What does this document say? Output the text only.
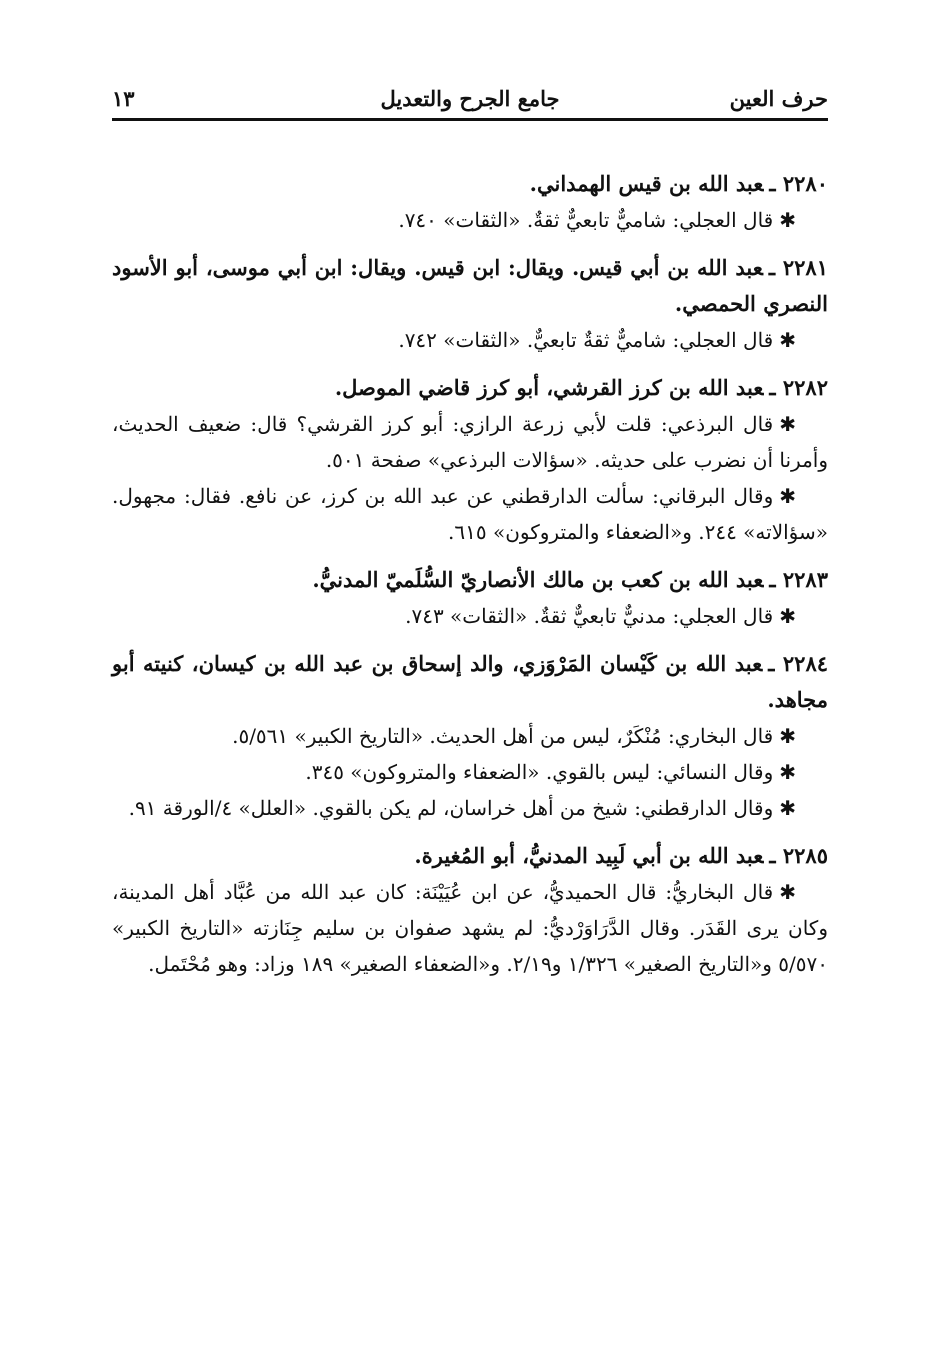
حرف العين
جامع الجرح والتعديل
١٣

٢٢٨٠ ـعبد الله بن قيس الهمداني.

✱قال العجلي: شاميٌّ تابعيٌّ ثقةٌ. «الثقات» ٧٤٠.

٢٢٨١ ـعبد الله بن أبي قيس. ويقال: ابن قيس. ويقال: ابن أبي موسى، أبو الأسود النصري الحمصي.

✱قال العجلي: شاميٌّ ثقةٌ تابعيٌّ. «الثقات» ٧٤٢.

٢٢٨٢ ـعبد الله بن كرز القرشي، أبو كرز قاضي الموصل.

✱قال البرذعي: قلت لأبي زرعة الرازي: أبو كرز القرشي؟ قال: ضعيف الحديث، وأمرنا أن نضرب على حديثه. «سؤالات البرذعي» صفحة ٥٠١.

✱وقال البرقاني: سألت الدارقطني عن عبد الله بن كرز، عن نافع. فقال: مجهول. «سؤالاته» ٢٤٤. و«الضعفاء والمتروكون» ٦١٥.

٢٢٨٣ ـعبد الله بن كعب بن مالك الأنصاريّ السُّلَميّ المدنيُّ.

✱قال العجلي: مدنيٌّ تابعيٌّ ثقةٌ. «الثقات» ٧٤٣.

٢٢٨٤ ـعبد الله بن كَيْسان المَرْوَزي، والد إسحاق بن عبد الله بن كيسان، كنيته أبو مجاهد.

✱قال البخاري: مُنْكَرٌ، ليس من أهل الحديث. «التاريخ الكبير» ٥/٥٦١.

✱وقال النسائي: ليس بالقوي. «الضعفاء والمتروكون» ٣٤٥.

✱وقال الدارقطني: شيخ من أهل خراسان، لم يكن بالقوي. «العلل» ٤/الورقة ٩١.

٢٢٨٥ ـعبد الله بن أبي لَبِيد المدنيُّ، أبو المُغيرة.

✱قال البخاريُّ: قال الحميديُّ، عن ابن عُيَيْنَة: كان عبد الله من عُبَّاد أهل المدينة، وكان يرى القَدَر. وقال الدَّرَاوَرْديُّ: لم يشهد صفوان بن سليم جِنَازته «التاريخ الكبير» ٥/٥٧٠ و«التاريخ الصغير» ١/٣٢٦ و٢/١٩. و«الضعفاء الصغير» ١٨٩ وزاد: وهو مُحْتَمل.
